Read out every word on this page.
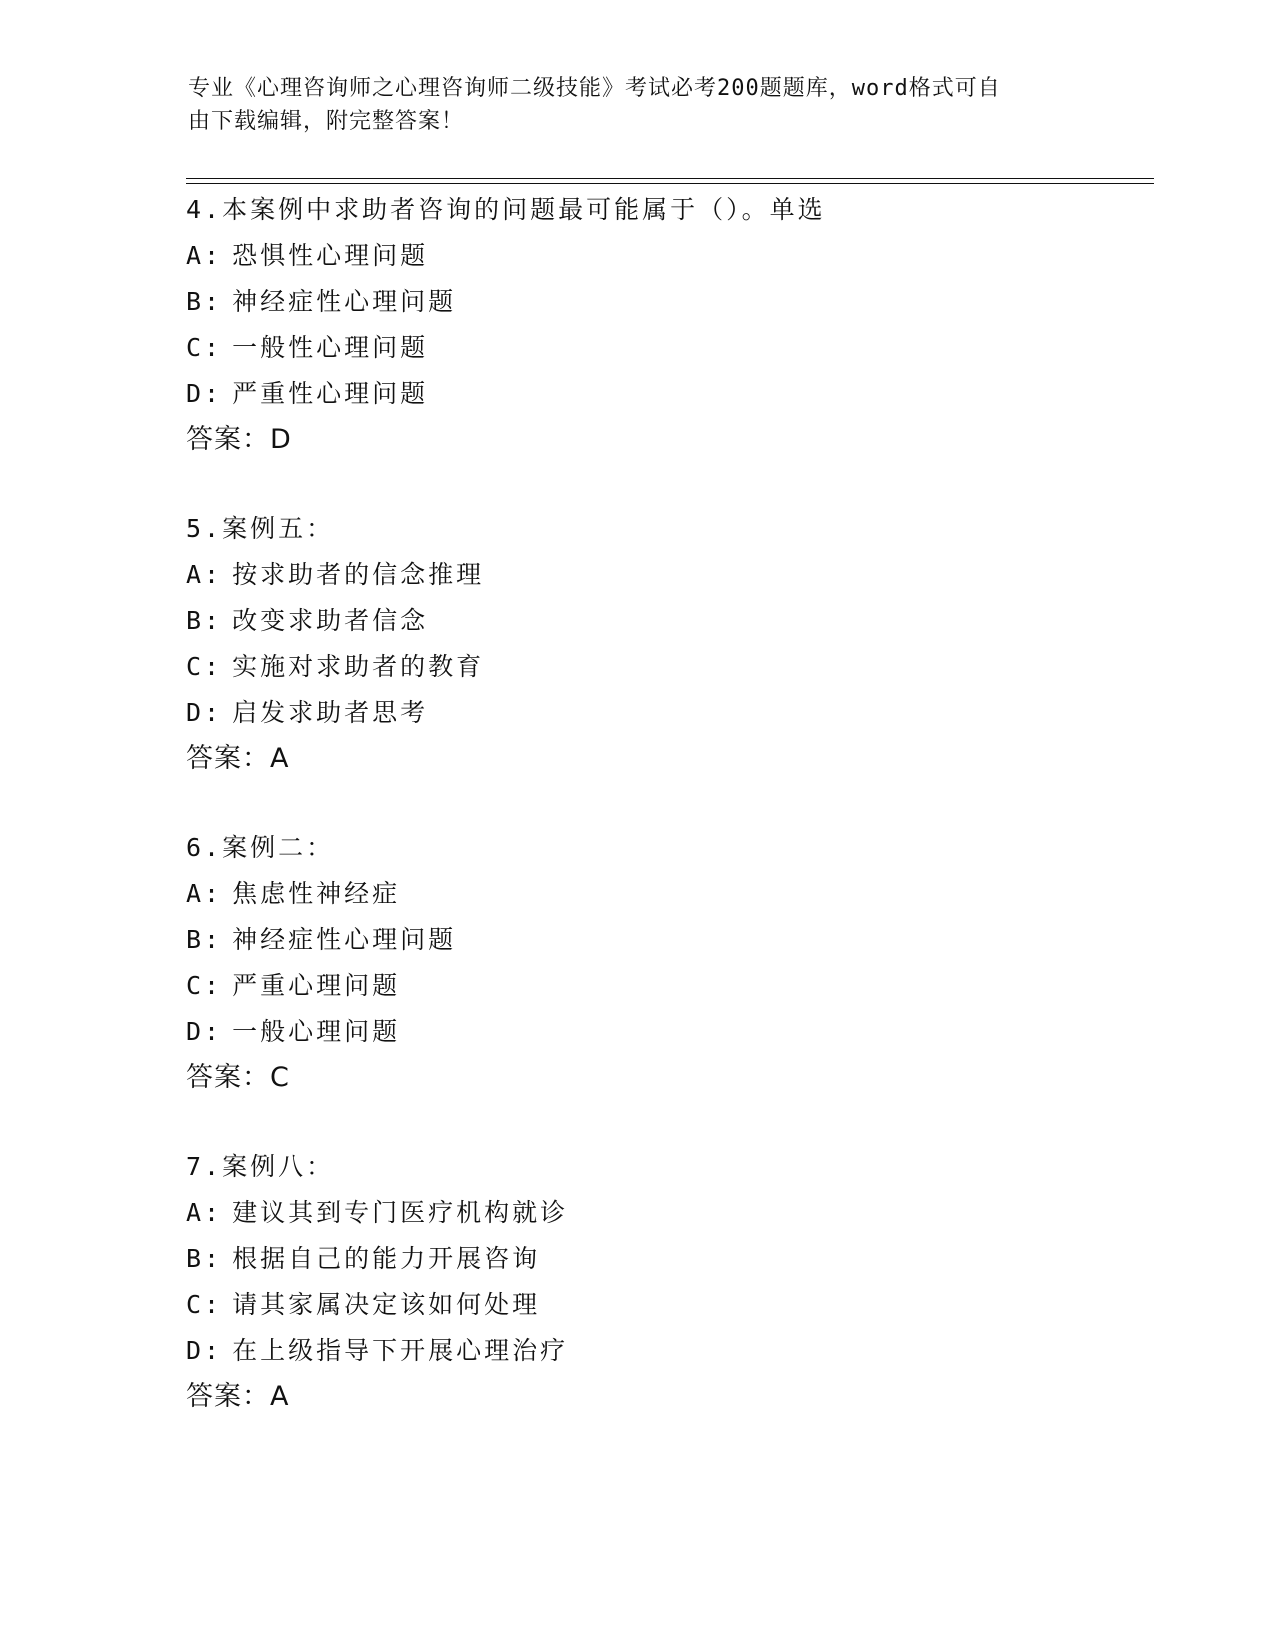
专业《心理咨询师之心理咨询师二级技能》考试必考200题题库，word格式可自
由下载编辑，附完整答案！
4.本案例中求助者咨询的问题最可能属于（）。单选
A: 恐惧性心理问题
B: 神经症性心理问题
C: 一般性心理问题
D: 严重性心理问题
答案：D
5.案例五：
A: 按求助者的信念推理
B: 改变求助者信念
C: 实施对求助者的教育
D: 启发求助者思考
答案：A
6.案例二：
A: 焦虑性神经症
B: 神经症性心理问题
C: 严重心理问题
D: 一般心理问题
答案：C
7.案例八：
A: 建议其到专门医疗机构就诊
B: 根据自己的能力开展咨询
C: 请其家属决定该如何处理
D: 在上级指导下开展心理治疗
答案：A
